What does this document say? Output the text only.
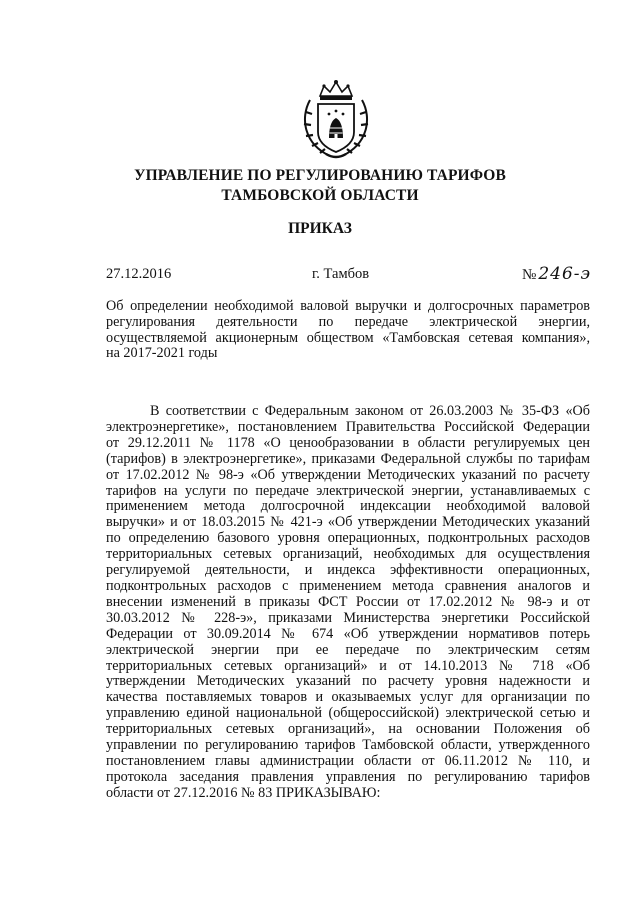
УПРАВЛЕНИЕ ПО РЕГУЛИРОВАНИЮ ТАРИФОВ
ТАМБОВСКОЙ ОБЛАСТИ
ПРИКАЗ
27.12.2016	г. Тамбов	№ 246-э
Об определении необходимой валовой выручки и долгосрочных параметров
регулирования деятельности по передаче электрической энергии,
осуществляемой акционерным обществом «Тамбовская сетевая компания»,
на 2017-2021 годы
В соответствии с Федеральным законом от 26.03.2003 № 35-ФЗ «Об
электроэнергетике», постановлением Правительства Российской Федерации
от 29.12.2011 № 1178 «О ценообразовании в области регулируемых цен
(тарифов) в электроэнергетике», приказами Федеральной службы по тарифам
от 17.02.2012 № 98-э «Об утверждении Методических указаний по расчету
тарифов на услуги по передаче электрической энергии, устанавливаемых с
применением метода долгосрочной индексации необходимой валовой
выручки» и от 18.03.2015 № 421-э «Об утверждении Методических указаний
по определению базового уровня операционных, подконтрольных расходов
территориальных сетевых организаций, необходимых для осуществления
регулируемой деятельности, и индекса эффективности операционных,
подконтрольных расходов с применением метода сравнения аналогов и
внесении изменений в приказы ФСТ России от 17.02.2012 № 98-э и от
30.03.2012 № 228-э», приказами Министерства энергетики Российской
Федерации от 30.09.2014 № 674 «Об утверждении нормативов потерь
электрической энергии при ее передаче по электрическим сетям
территориальных сетевых организаций» и от 14.10.2013 № 718 «Об
утверждении Методических указаний по расчету уровня надежности и
качества поставляемых товаров и оказываемых услуг для организации по
управлению единой национальной (общероссийской) электрической сетью и
территориальных сетевых организаций», на основании Положения об
управлении по регулированию тарифов Тамбовской области, утвержденного
постановлением главы администрации области от 06.11.2012 № 110, и
протокола заседания правления управления по регулированию тарифов
области от 27.12.2016 № 83 ПРИКАЗЫВАЮ:
